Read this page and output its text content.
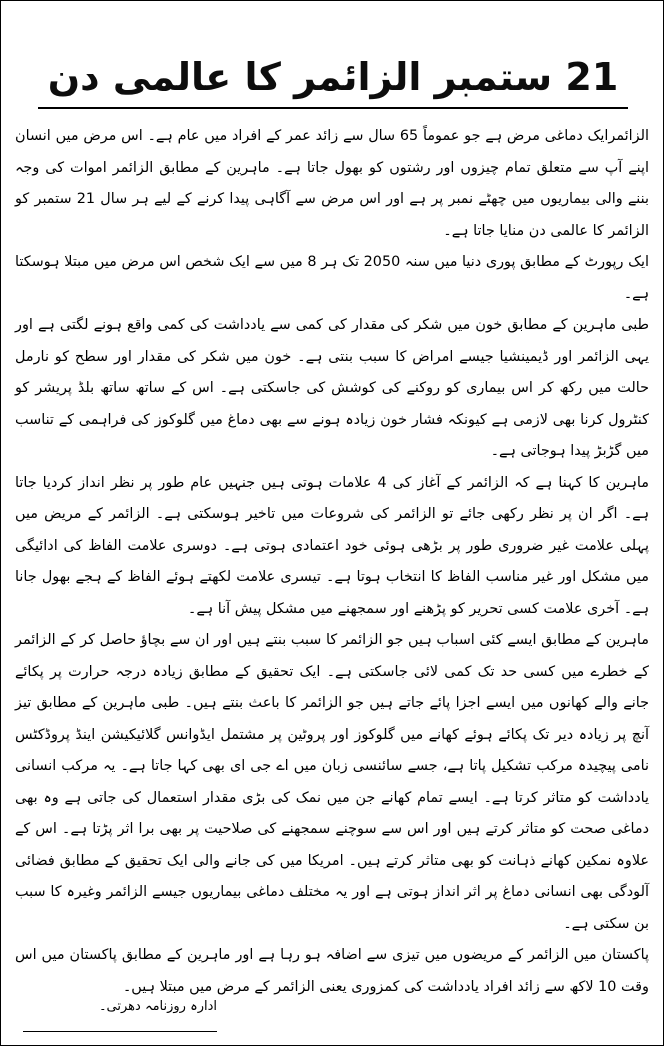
21 ستمبر الزائمر کا عالمی دن

الزائمرایک دماغی مرض ہے جو عموماً 65 سال سے زائد عمر کے افراد میں عام ہے۔ اس مرض میں انسان اپنے آپ سے متعلق تمام چیزوں اور رشتوں کو بھول جاتا ہے۔ ماہرین کے مطابق الزائمر اموات کی وجہ بننے والی بیماریوں میں چھٹے نمبر پر ہے اور اس مرض سے آگاہی پیدا کرنے کے لیے ہر سال 21 ستمبر کو الزائمر کا عالمی دن منایا جاتا ہے۔

ایک رپورٹ کے مطابق پوری دنیا میں سنہ 2050 تک ہر 8 میں سے ایک شخص اس مرض میں مبتلا ہوسکتا ہے۔

طبی ماہرین کے مطابق خون میں شکر کی مقدار کی کمی سے یادداشت کی کمی واقع ہونے لگتی ہے اور یہی الزائمر اور ڈیمینشیا جیسے امراض کا سبب بنتی ہے۔ خون میں شکر کی مقدار اور سطح کو نارمل حالت میں رکھ کر اس بیماری کو روکنے کی کوشش کی جاسکتی ہے۔ اس کے ساتھ ساتھ بلڈ پریشر کو کنٹرول کرنا بھی لازمی ہے کیونکہ فشار خون زیادہ ہونے سے بھی دماغ میں گلوکوز کی فراہمی کے تناسب میں گڑبڑ پیدا ہوجاتی ہے۔

ماہرین کا کہنا ہے کہ الزائمر کے آغاز کی 4 علامات ہوتی ہیں جنہیں عام طور پر نظر انداز کردیا جاتا ہے۔ اگر ان پر نظر رکھی جائے تو الزائمر کی شروعات میں تاخیر ہوسکتی ہے۔ الزائمر کے مریض میں پہلی علامت غیر ضروری طور پر بڑھی ہوئی خود اعتمادی ہوتی ہے۔ دوسری علامت الفاظ کی ادائیگی میں مشکل اور غیر مناسب الفاظ کا انتخاب ہوتا ہے۔ تیسری علامت لکھتے ہوئے الفاظ کے ہجے بھول جانا ہے۔ آخری علامت کسی تحریر کو پڑھنے اور سمجھنے میں مشکل پیش آنا ہے۔

ماہرین کے مطابق ایسے کئی اسباب ہیں جو الزائمر کا سبب بنتے ہیں اور ان سے بچاؤ حاصل کر کے الزائمر کے خطرے میں کسی حد تک کمی لائی جاسکتی ہے۔ ایک تحقیق کے مطابق زیادہ درجہ حرارت پر پکائے جانے والے کھانوں میں ایسے اجزا پائے جاتے ہیں جو الزائمر کا باعث بنتے ہیں۔ طبی ماہرین کے مطابق تیز آنچ پر زیادہ دیر تک پکائے ہوئے کھانے میں گلوکوز اور پروٹین پر مشتمل ایڈوانس گلائیکیشن اینڈ پروڈکٹس نامی پیچیدہ مرکب تشکیل پاتا ہے، جسے سائنسی زبان میں اے جی ای بھی کہا جاتا ہے۔ یہ مرکب انسانی یادداشت کو متاثر کرتا ہے۔ ایسے تمام کھانے جن میں نمک کی بڑی مقدار استعمال کی جاتی ہے وہ بھی دماغی صحت کو متاثر کرتے ہیں اور اس سے سوچنے سمجھنے کی صلاحیت پر بھی برا اثر پڑتا ہے۔ اس کے علاوہ نمکین کھانے ذہانت کو بھی متاثر کرتے ہیں۔ امریکا میں کی جانے والی ایک تحقیق کے مطابق فضائی آلودگی بھی انسانی دماغ پر اثر انداز ہوتی ہے اور یہ مختلف دماغی بیماریوں جیسے الزائمر وغیرہ کا سبب بن سکتی ہے۔

پاکستان میں الزائمر کے مریضوں میں تیزی سے اضافہ ہو رہا ہے اور ماہرین کے مطابق پاکستان میں اس وقت 10 لاکھ سے زائد افراد یادداشت کی کمزوری یعنی الزائمر کے مرض میں مبتلا ہیں۔

ادارہ روزنامہ دھرتی۔
